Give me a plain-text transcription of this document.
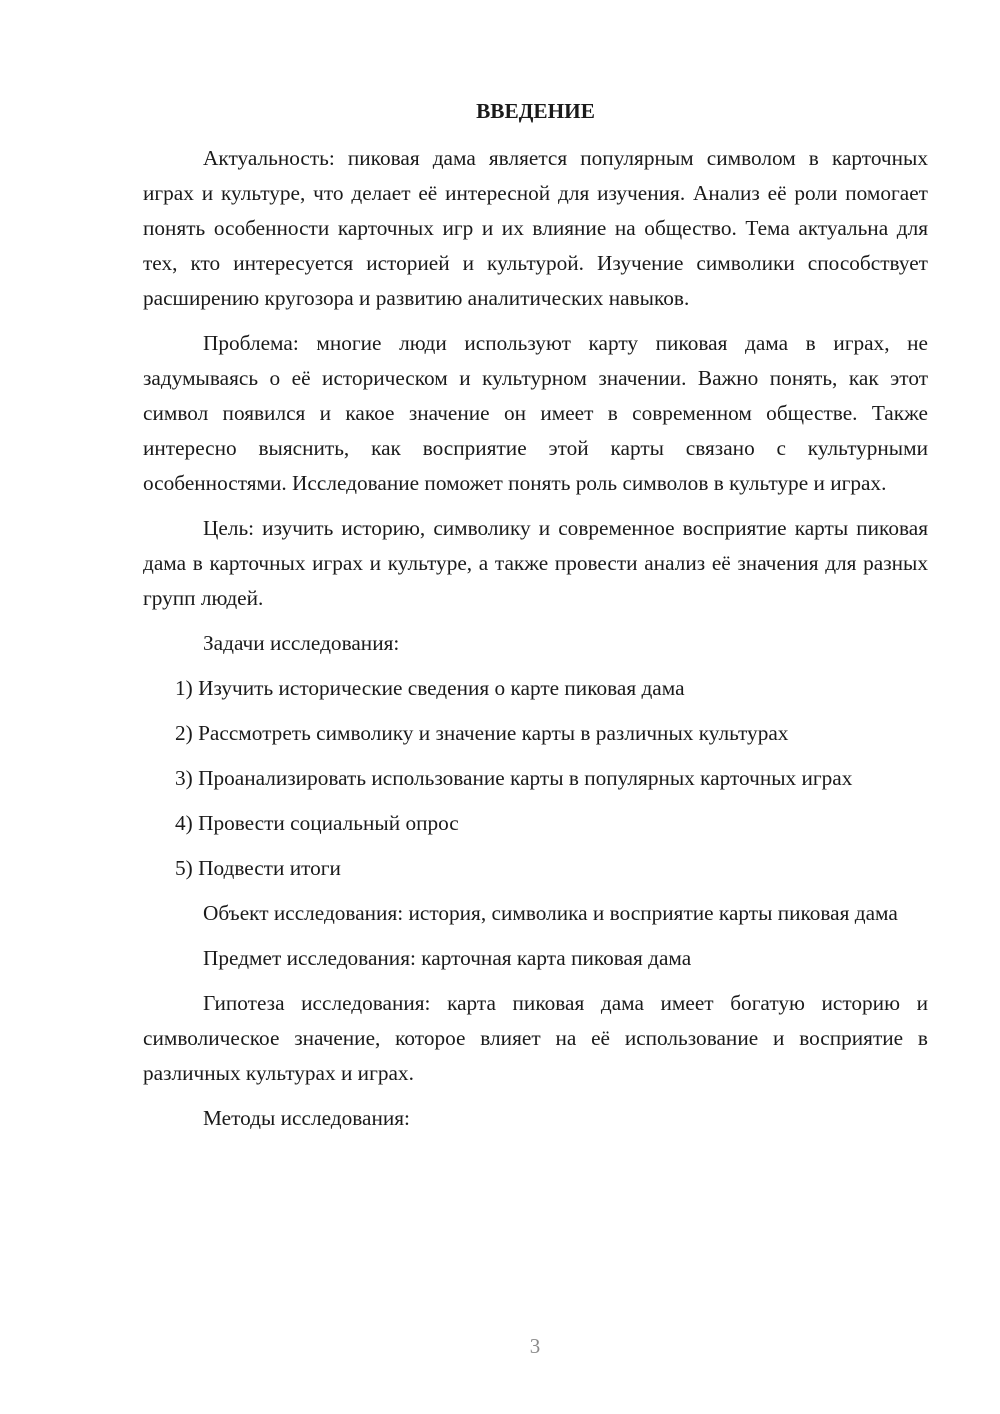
ВВЕДЕНИЕ

Актуальность: пиковая дама является популярным символом в карточных играх и культуре, что делает её интересной для изучения. Анализ её роли помогает понять особенности карточных игр и их влияние на общество. Тема актуальна для тех, кто интересуется историей и культурой. Изучение символики способствует расширению кругозора и развитию аналитических навыков.

Проблема: многие люди используют карту пиковая дама в играх, не задумываясь о её историческом и культурном значении. Важно понять, как этот символ появился и какое значение он имеет в современном обществе. Также интересно выяснить, как восприятие этой карты связано с культурными особенностями. Исследование поможет понять роль символов в культуре и играх.

Цель: изучить историю, символику и современное восприятие карты пиковая дама в карточных играх и культуре, а также провести анализ её значения для разных групп людей.

Задачи исследования:

1) Изучить исторические сведения о карте пиковая дама

2) Рассмотреть символику и значение карты в различных культурах

3) Проанализировать использование карты в популярных карточных играх

4) Провести социальный опрос

5) Подвести итоги

Объект исследования: история, символика и восприятие карты пиковая дама

Предмет исследования: карточная карта пиковая дама

Гипотеза исследования: карта пиковая дама имеет богатую историю и символическое значение, которое влияет на её использование и восприятие в различных культурах и играх.

Методы исследования:

3
